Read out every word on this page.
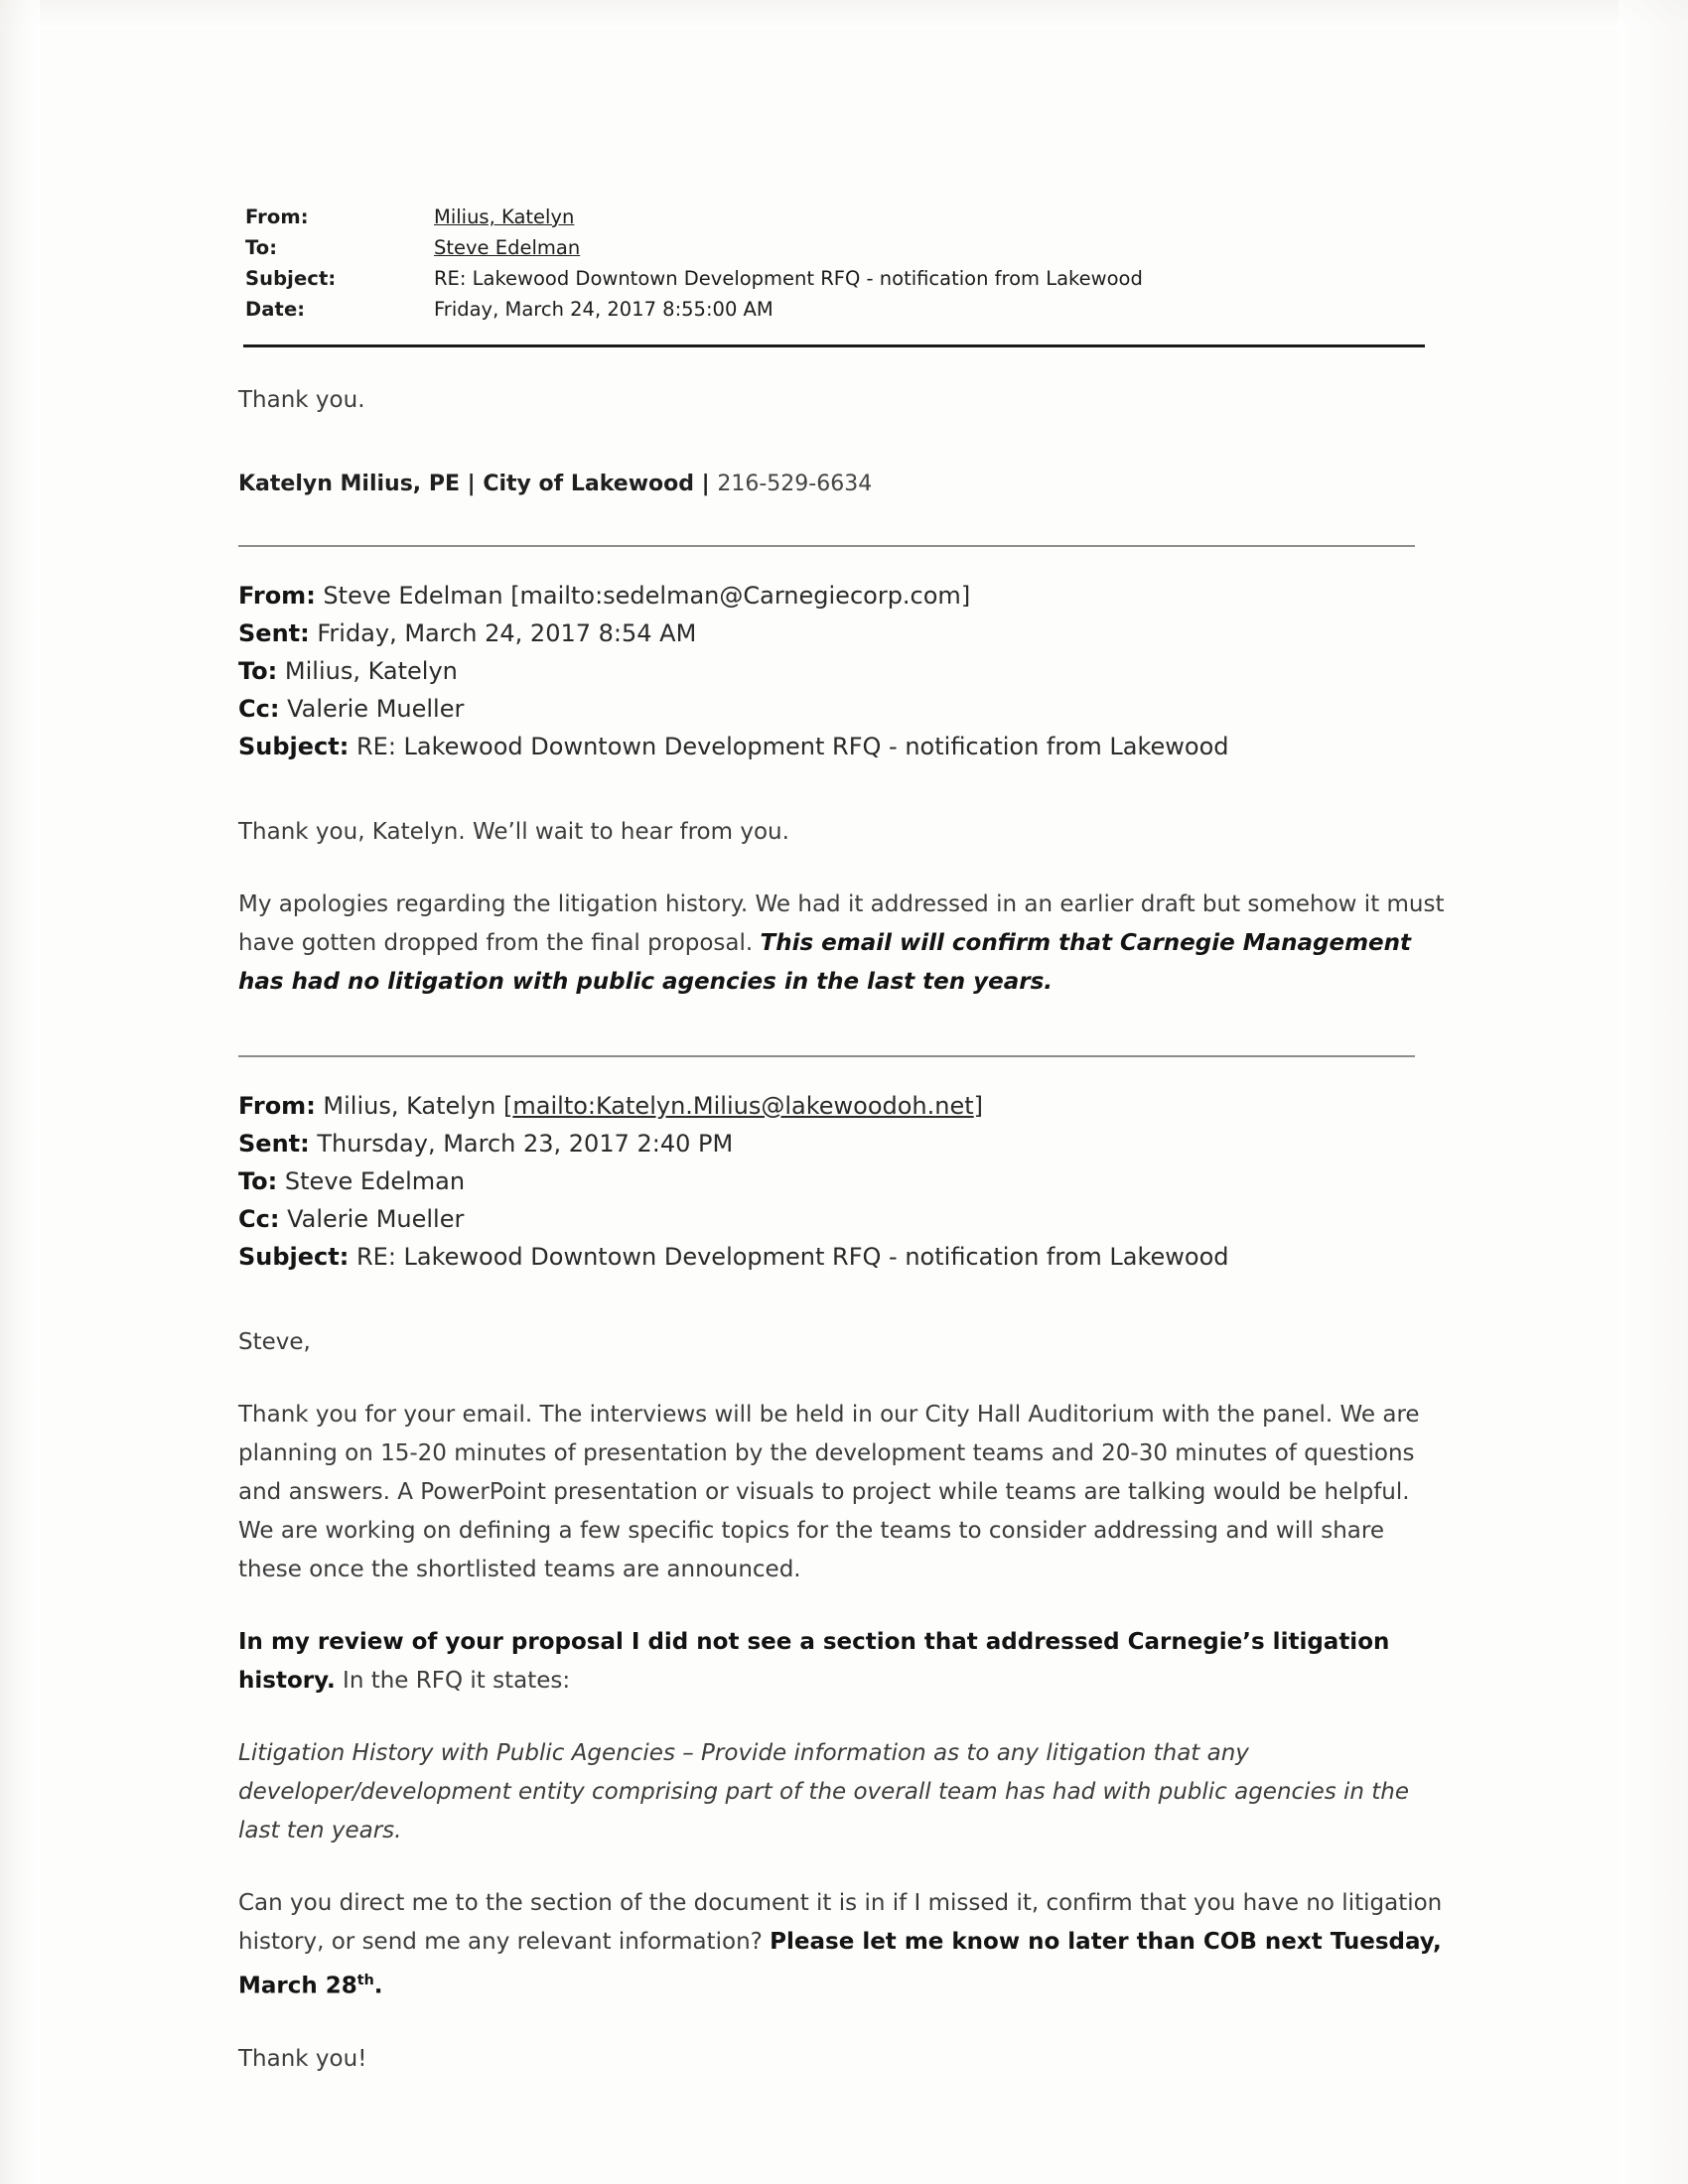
From:	Milius, Katelyn
To:	Steve Edelman
Subject:	RE: Lakewood Downtown Development RFQ - notification from Lakewood
Date:	Friday, March 24, 2017 8:55:00 AM

Thank you.

Katelyn Milius, PE | City of Lakewood | 216-529-6634
From: Steve Edelman [mailto:sedelman@Carnegiecorp.com]
Sent: Friday, March 24, 2017 8:54 AM
To: Milius, Katelyn
Cc: Valerie Mueller
Subject: RE: Lakewood Downtown Development RFQ - notification from Lakewood

Thank you, Katelyn. We’ll wait to hear from you.

My apologies regarding the litigation history. We had it addressed in an earlier draft but somehow it must have gotten dropped from the final proposal. This email will confirm that Carnegie Management has had no litigation with public agencies in the last ten years.

From: Milius, Katelyn [mailto:Katelyn.Milius@lakewoodoh.net]
Sent: Thursday, March 23, 2017 2:40 PM
To: Steve Edelman
Cc: Valerie Mueller
Subject: RE: Lakewood Downtown Development RFQ - notification from Lakewood

Steve,

Thank you for your email. The interviews will be held in our City Hall Auditorium with the panel. We are planning on 15-20 minutes of presentation by the development teams and 20-30 minutes of questions and answers. A PowerPoint presentation or visuals to project while teams are talking would be helpful. We are working on defining a few specific topics for the teams to consider addressing and will share these once the shortlisted teams are announced.

In my review of your proposal I did not see a section that addressed Carnegie’s litigation history. In the RFQ it states:

Litigation History with Public Agencies – Provide information as to any litigation that any developer/development entity comprising part of the overall team has had with public agencies in the last ten years.

Can you direct me to the section of the document it is in if I missed it, confirm that you have no litigation history, or send me any relevant information? Please let me know no later than COB next Tuesday, March 28th.

Thank you!
